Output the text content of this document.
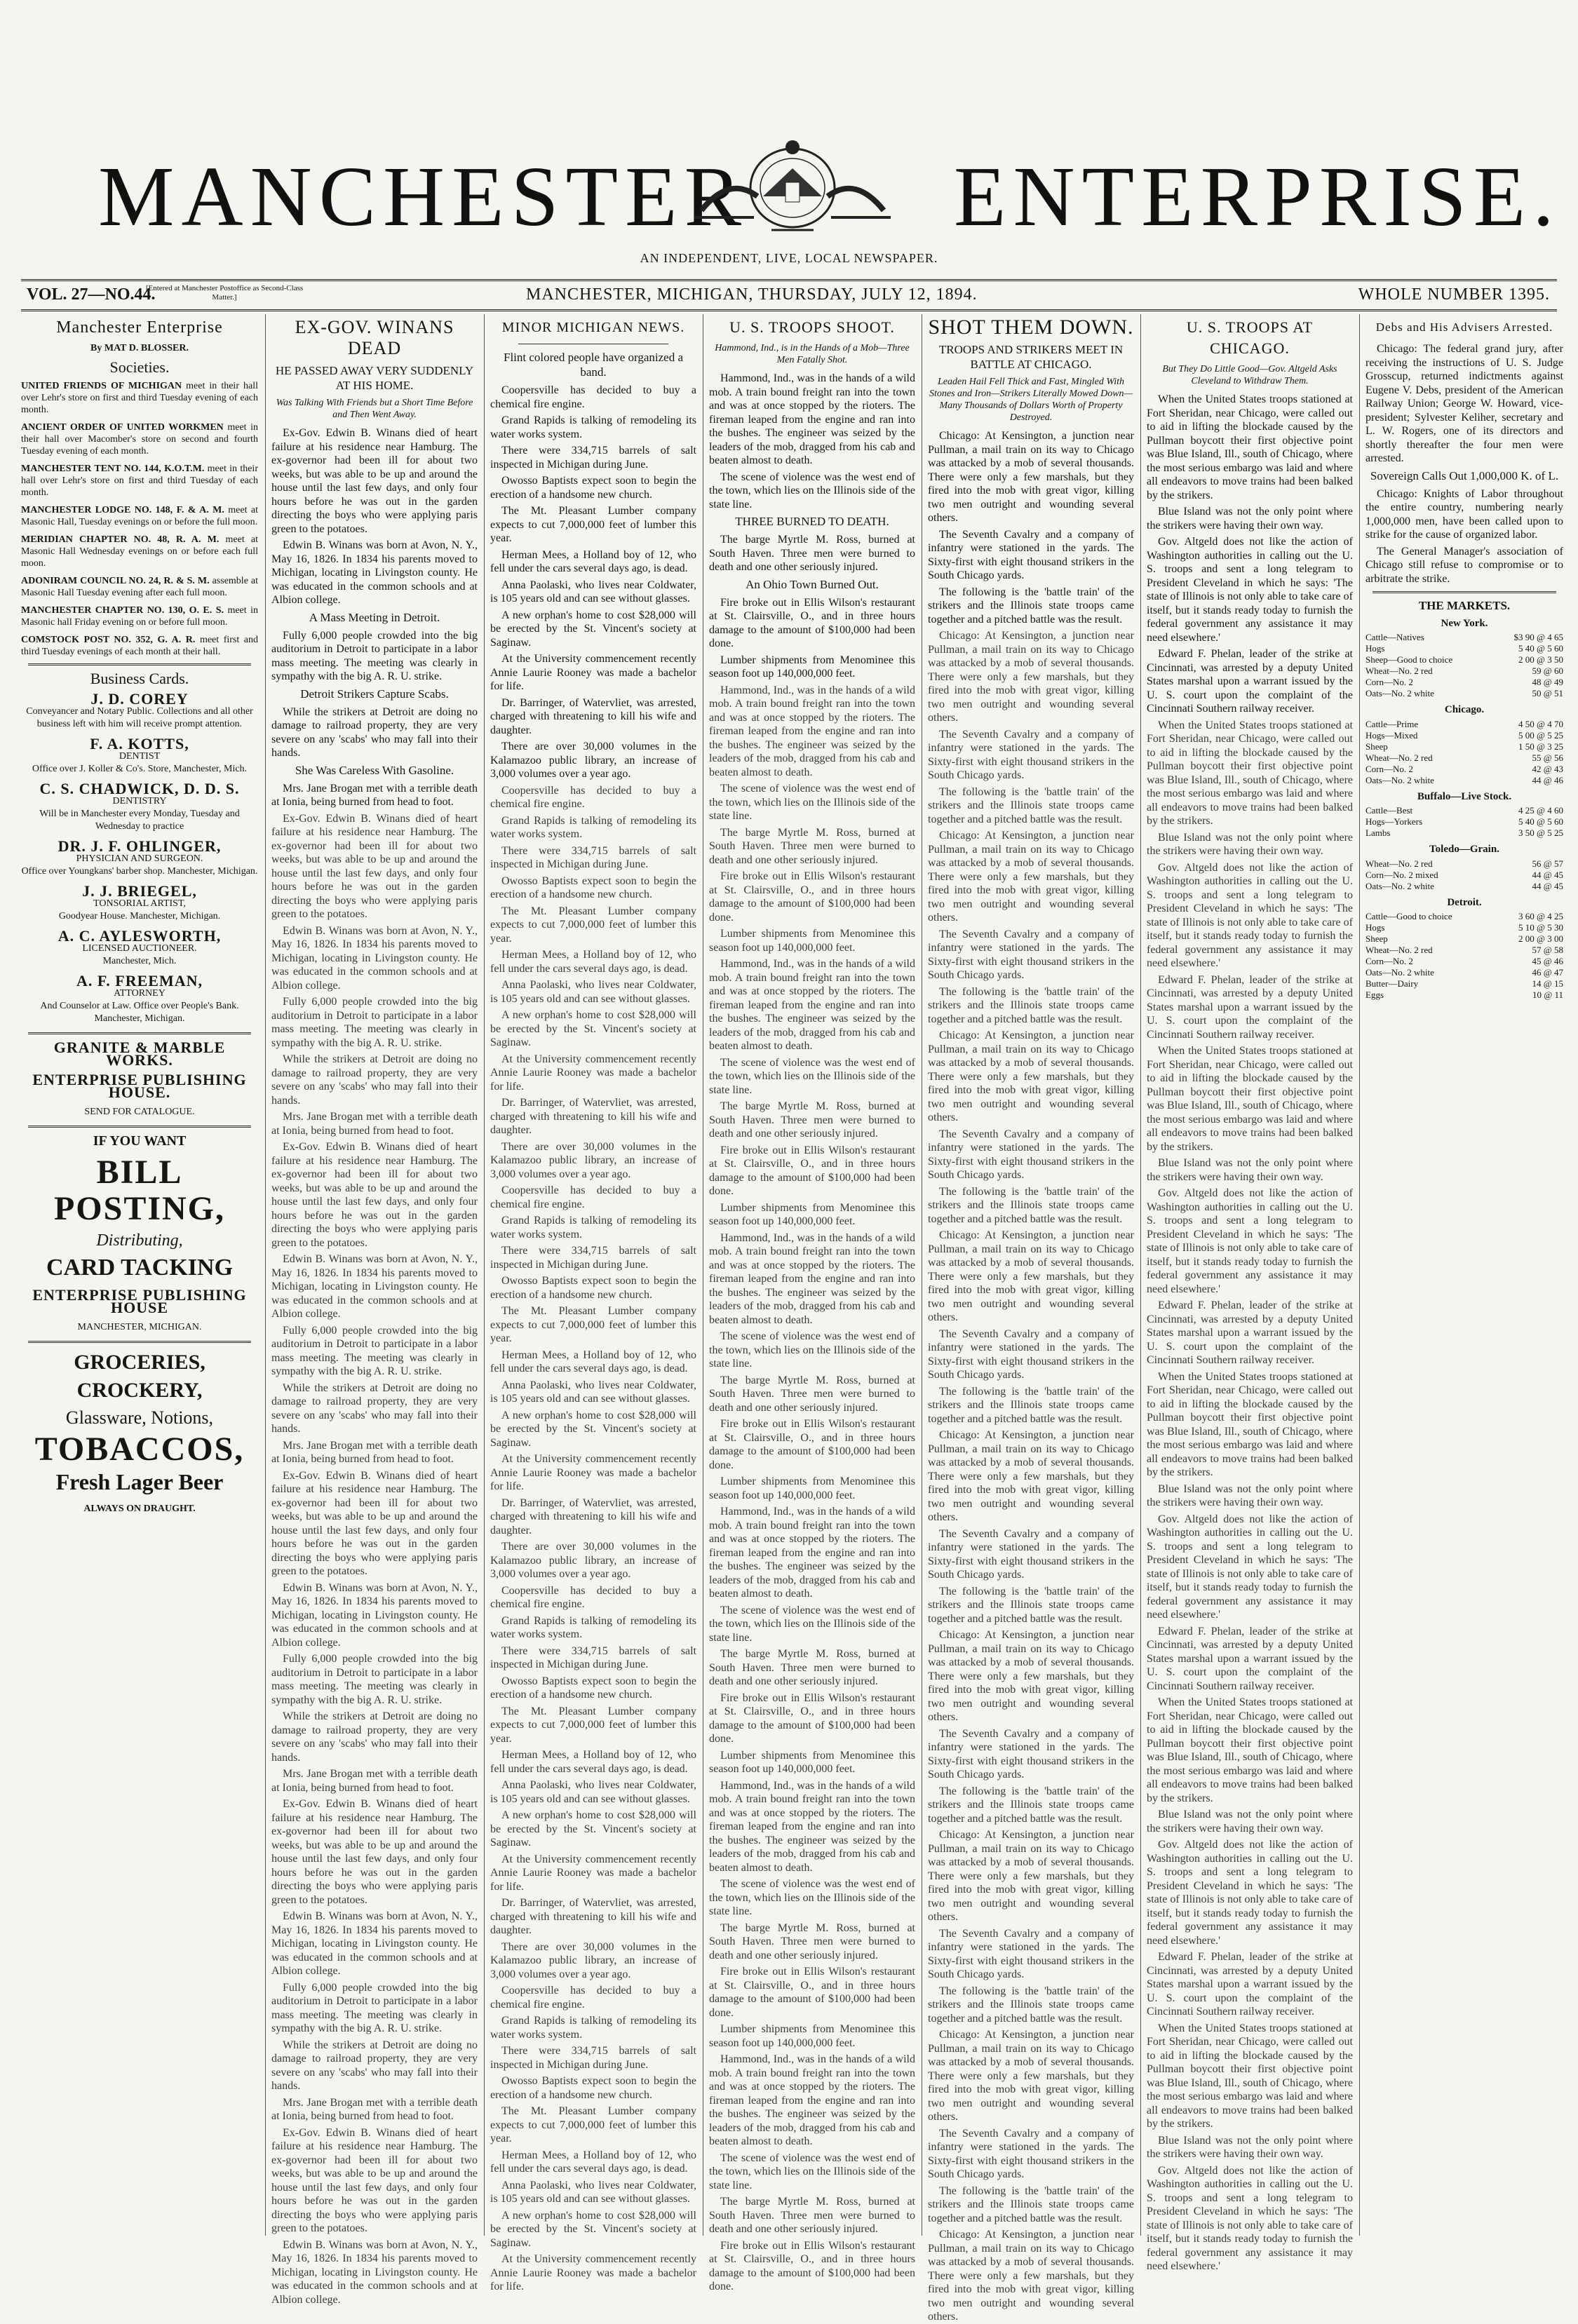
MANCHESTER ENTERPRISE.
AN INDEPENDENT, LIVE, LOCAL NEWSPAPER.
VOL. 27—NO.44.
[Entered at Manchester Postoffice as Second-Class Matter.]	MANCHESTER, MICHIGAN, THURSDAY, JULY 12, 1894.	WHOLE NUMBER 1395.
Manchester Enterprise
By MAT D. BLOSSER.
Societies.

UNITED FRIENDS OF MICHIGAN meet in their hall over Lehr's store on first and third Tuesday evening of each month.

ANCIENT ORDER OF UNITED WORKMEN meet in their hall over Macomber's store on second and fourth Tuesday evening of each month.

MANCHESTER TENT NO. 144, K.O.T.M. meet in their hall over Lehr's store on first and third Tuesday of each month.

MANCHESTER LODGE NO. 148, F. & A. M. meet at Masonic Hall, Tuesday evenings on or before the full moon.

MERIDIAN CHAPTER NO. 48, R. A. M. meet at Masonic Hall Wednesday evenings on or before each full moon.

ADONIRAM COUNCIL NO. 24, R. & S. M. assemble at Masonic Hall Tuesday evening after each full moon.

MANCHESTER CHAPTER NO. 130, O. E. S. meet in Masonic hall Friday evening on or before full moon.

COMSTOCK POST NO. 352, G. A. R. meet first and third Tuesday evenings of each month at their hall.

Business Cards.
J. D. COREY
Conveyancer and Notary Public. Collections and all other business left with him will receive prompt attention.
F. A. KOTTS,
DENTIST
Office over J. Koller & Co's. Store, Manchester, Mich.
C. S. CHADWICK, D. D. S.
DENTISTRY
Will be in Manchester every Monday, Tuesday and Wednesday to practice
DR. J. F. OHLINGER,
PHYSICIAN AND SURGEON.
Office over Youngkans' barber shop. Manchester, Michigan.
J. J. BRIEGEL,
TONSORIAL ARTIST,
Goodyear House. Manchester, Michigan.
A. C. AYLESWORTH,
LICENSED AUCTIONEER.
Manchester, Mich.
A. F. FREEMAN,
ATTORNEY
And Counselor at Law. Office over People's Bank. Manchester, Michigan.
GRANITE & MARBLE WORKS.
ENTERPRISE PUBLISHING HOUSE.
SEND FOR CATALOGUE.
IF YOU WANT
BILL POSTING,
Distributing,
CARD TACKING
ENTERPRISE PUBLISHING HOUSE
MANCHESTER, MICHIGAN.
GROCERIES, CROCKERY,
Glassware, Notions,
TOBACCOS,
Fresh Lager Beer
ALWAYS ON DRAUGHT.
EX-GOV. WINANS DEAD
HE PASSED AWAY VERY SUDDENLY AT HIS HOME.
Was Talking With Friends but a Short Time Before and Then Went Away.

Ex-Gov. Edwin B. Winans died of heart failure at his residence near Hamburg. The ex-governor had been ill for about two weeks, but was able to be up and around the house until the last few days, and only four hours before he was out in the garden directing the boys who were applying paris green to the potatoes.

Edwin B. Winans was born at Avon, N. Y., May 16, 1826. In 1834 his parents moved to Michigan, locating in Livingston county. He was educated in the common schools and at Albion college.

A Mass Meeting in Detroit.

Fully 6,000 people crowded into the big auditorium in Detroit to participate in a labor mass meeting. The meeting was clearly in sympathy with the big A. R. U. strike.

Detroit Strikers Capture Scabs.

While the strikers at Detroit are doing no damage to railroad property, they are very severe on any 'scabs' who may fall into their hands.

She Was Careless With Gasoline.

Mrs. Jane Brogan met with a terrible death at Ionia, being burned from head to foot.

Ex-Gov. Edwin B. Winans died of heart failure at his residence near Hamburg. The ex-governor had been ill for about two weeks, but was able to be up and around the house until the last few days, and only four hours before he was out in the garden directing the boys who were applying paris green to the potatoes.

Edwin B. Winans was born at Avon, N. Y., May 16, 1826. In 1834 his parents moved to Michigan, locating in Livingston county. He was educated in the common schools and at Albion college.

Fully 6,000 people crowded into the big auditorium in Detroit to participate in a labor mass meeting. The meeting was clearly in sympathy with the big A. R. U. strike.

While the strikers at Detroit are doing no damage to railroad property, they are very severe on any 'scabs' who may fall into their hands.

Mrs. Jane Brogan met with a terrible death at Ionia, being burned from head to foot.

Ex-Gov. Edwin B. Winans died of heart failure at his residence near Hamburg. The ex-governor had been ill for about two weeks, but was able to be up and around the house until the last few days, and only four hours before he was out in the garden directing the boys who were applying paris green to the potatoes.

Edwin B. Winans was born at Avon, N. Y., May 16, 1826. In 1834 his parents moved to Michigan, locating in Livingston county. He was educated in the common schools and at Albion college.

Fully 6,000 people crowded into the big auditorium in Detroit to participate in a labor mass meeting. The meeting was clearly in sympathy with the big A. R. U. strike.

While the strikers at Detroit are doing no damage to railroad property, they are very severe on any 'scabs' who may fall into their hands.

Mrs. Jane Brogan met with a terrible death at Ionia, being burned from head to foot.

Ex-Gov. Edwin B. Winans died of heart failure at his residence near Hamburg. The ex-governor had been ill for about two weeks, but was able to be up and around the house until the last few days, and only four hours before he was out in the garden directing the boys who were applying paris green to the potatoes.

Edwin B. Winans was born at Avon, N. Y., May 16, 1826. In 1834 his parents moved to Michigan, locating in Livingston county. He was educated in the common schools and at Albion college.

Fully 6,000 people crowded into the big auditorium in Detroit to participate in a labor mass meeting. The meeting was clearly in sympathy with the big A. R. U. strike.

While the strikers at Detroit are doing no damage to railroad property, they are very severe on any 'scabs' who may fall into their hands.

Mrs. Jane Brogan met with a terrible death at Ionia, being burned from head to foot.

Ex-Gov. Edwin B. Winans died of heart failure at his residence near Hamburg. The ex-governor had been ill for about two weeks, but was able to be up and around the house until the last few days, and only four hours before he was out in the garden directing the boys who were applying paris green to the potatoes.

Edwin B. Winans was born at Avon, N. Y., May 16, 1826. In 1834 his parents moved to Michigan, locating in Livingston county. He was educated in the common schools and at Albion college.

Fully 6,000 people crowded into the big auditorium in Detroit to participate in a labor mass meeting. The meeting was clearly in sympathy with the big A. R. U. strike.

While the strikers at Detroit are doing no damage to railroad property, they are very severe on any 'scabs' who may fall into their hands.

Mrs. Jane Brogan met with a terrible death at Ionia, being burned from head to foot.

Ex-Gov. Edwin B. Winans died of heart failure at his residence near Hamburg. The ex-governor had been ill for about two weeks, but was able to be up and around the house until the last few days, and only four hours before he was out in the garden directing the boys who were applying paris green to the potatoes.

Edwin B. Winans was born at Avon, N. Y., May 16, 1826. In 1834 his parents moved to Michigan, locating in Livingston county. He was educated in the common schools and at Albion college.

MINOR MICHIGAN NEWS.
Flint colored people have organized a band.

Coopersville has decided to buy a chemical fire engine.

Grand Rapids is talking of remodeling its water works system.

There were 334,715 barrels of salt inspected in Michigan during June.

Owosso Baptists expect soon to begin the erection of a handsome new church.

The Mt. Pleasant Lumber company expects to cut 7,000,000 feet of lumber this year.

Herman Mees, a Holland boy of 12, who fell under the cars several days ago, is dead.

Anna Paolaski, who lives near Coldwater, is 105 years old and can see without glasses.

A new orphan's home to cost $28,000 will be erected by the St. Vincent's society at Saginaw.

At the University commencement recently Annie Laurie Rooney was made a bachelor for life.

Dr. Barringer, of Watervliet, was arrested, charged with threatening to kill his wife and daughter.

There are over 30,000 volumes in the Kalamazoo public library, an increase of 3,000 volumes over a year ago.

Coopersville has decided to buy a chemical fire engine.

Grand Rapids is talking of remodeling its water works system.

There were 334,715 barrels of salt inspected in Michigan during June.

Owosso Baptists expect soon to begin the erection of a handsome new church.

The Mt. Pleasant Lumber company expects to cut 7,000,000 feet of lumber this year.

Herman Mees, a Holland boy of 12, who fell under the cars several days ago, is dead.

Anna Paolaski, who lives near Coldwater, is 105 years old and can see without glasses.

A new orphan's home to cost $28,000 will be erected by the St. Vincent's society at Saginaw.

At the University commencement recently Annie Laurie Rooney was made a bachelor for life.

Dr. Barringer, of Watervliet, was arrested, charged with threatening to kill his wife and daughter.

There are over 30,000 volumes in the Kalamazoo public library, an increase of 3,000 volumes over a year ago.

Coopersville has decided to buy a chemical fire engine.

Grand Rapids is talking of remodeling its water works system.

There were 334,715 barrels of salt inspected in Michigan during June.

Owosso Baptists expect soon to begin the erection of a handsome new church.

The Mt. Pleasant Lumber company expects to cut 7,000,000 feet of lumber this year.

Herman Mees, a Holland boy of 12, who fell under the cars several days ago, is dead.

Anna Paolaski, who lives near Coldwater, is 105 years old and can see without glasses.

A new orphan's home to cost $28,000 will be erected by the St. Vincent's society at Saginaw.

At the University commencement recently Annie Laurie Rooney was made a bachelor for life.

Dr. Barringer, of Watervliet, was arrested, charged with threatening to kill his wife and daughter.

There are over 30,000 volumes in the Kalamazoo public library, an increase of 3,000 volumes over a year ago.

Coopersville has decided to buy a chemical fire engine.

Grand Rapids is talking of remodeling its water works system.

There were 334,715 barrels of salt inspected in Michigan during June.

Owosso Baptists expect soon to begin the erection of a handsome new church.

The Mt. Pleasant Lumber company expects to cut 7,000,000 feet of lumber this year.

Herman Mees, a Holland boy of 12, who fell under the cars several days ago, is dead.

Anna Paolaski, who lives near Coldwater, is 105 years old and can see without glasses.

A new orphan's home to cost $28,000 will be erected by the St. Vincent's society at Saginaw.

At the University commencement recently Annie Laurie Rooney was made a bachelor for life.

Dr. Barringer, of Watervliet, was arrested, charged with threatening to kill his wife and daughter.

There are over 30,000 volumes in the Kalamazoo public library, an increase of 3,000 volumes over a year ago.

Coopersville has decided to buy a chemical fire engine.

Grand Rapids is talking of remodeling its water works system.

There were 334,715 barrels of salt inspected in Michigan during June.

Owosso Baptists expect soon to begin the erection of a handsome new church.

The Mt. Pleasant Lumber company expects to cut 7,000,000 feet of lumber this year.

Herman Mees, a Holland boy of 12, who fell under the cars several days ago, is dead.

Anna Paolaski, who lives near Coldwater, is 105 years old and can see without glasses.

A new orphan's home to cost $28,000 will be erected by the St. Vincent's society at Saginaw.

At the University commencement recently Annie Laurie Rooney was made a bachelor for life.

U. S. TROOPS SHOOT.
Hammond, Ind., is in the Hands of a Mob—Three Men Fatally Shot.

Hammond, Ind., was in the hands of a wild mob. A train bound freight ran into the town and was at once stopped by the rioters. The fireman leaped from the engine and ran into the bushes. The engineer was seized by the leaders of the mob, dragged from his cab and beaten almost to death.

The scene of violence was the west end of the town, which lies on the Illinois side of the state line.

THREE BURNED TO DEATH.

The barge Myrtle M. Ross, burned at South Haven. Three men were burned to death and one other seriously injured.

An Ohio Town Burned Out.

Fire broke out in Ellis Wilson's restaurant at St. Clairsville, O., and in three hours damage to the amount of $100,000 had been done.

Lumber shipments from Menominee this season foot up 140,000,000 feet.

Hammond, Ind., was in the hands of a wild mob. A train bound freight ran into the town and was at once stopped by the rioters. The fireman leaped from the engine and ran into the bushes. The engineer was seized by the leaders of the mob, dragged from his cab and beaten almost to death.

The scene of violence was the west end of the town, which lies on the Illinois side of the state line.

The barge Myrtle M. Ross, burned at South Haven. Three men were burned to death and one other seriously injured.

Fire broke out in Ellis Wilson's restaurant at St. Clairsville, O., and in three hours damage to the amount of $100,000 had been done.

Lumber shipments from Menominee this season foot up 140,000,000 feet.

Hammond, Ind., was in the hands of a wild mob. A train bound freight ran into the town and was at once stopped by the rioters. The fireman leaped from the engine and ran into the bushes. The engineer was seized by the leaders of the mob, dragged from his cab and beaten almost to death.

The scene of violence was the west end of the town, which lies on the Illinois side of the state line.

The barge Myrtle M. Ross, burned at South Haven. Three men were burned to death and one other seriously injured.

Fire broke out in Ellis Wilson's restaurant at St. Clairsville, O., and in three hours damage to the amount of $100,000 had been done.

Lumber shipments from Menominee this season foot up 140,000,000 feet.

Hammond, Ind., was in the hands of a wild mob. A train bound freight ran into the town and was at once stopped by the rioters. The fireman leaped from the engine and ran into the bushes. The engineer was seized by the leaders of the mob, dragged from his cab and beaten almost to death.

The scene of violence was the west end of the town, which lies on the Illinois side of the state line.

The barge Myrtle M. Ross, burned at South Haven. Three men were burned to death and one other seriously injured.

Fire broke out in Ellis Wilson's restaurant at St. Clairsville, O., and in three hours damage to the amount of $100,000 had been done.

Lumber shipments from Menominee this season foot up 140,000,000 feet.

Hammond, Ind., was in the hands of a wild mob. A train bound freight ran into the town and was at once stopped by the rioters. The fireman leaped from the engine and ran into the bushes. The engineer was seized by the leaders of the mob, dragged from his cab and beaten almost to death.

The scene of violence was the west end of the town, which lies on the Illinois side of the state line.

The barge Myrtle M. Ross, burned at South Haven. Three men were burned to death and one other seriously injured.

Fire broke out in Ellis Wilson's restaurant at St. Clairsville, O., and in three hours damage to the amount of $100,000 had been done.

Lumber shipments from Menominee this season foot up 140,000,000 feet.

Hammond, Ind., was in the hands of a wild mob. A train bound freight ran into the town and was at once stopped by the rioters. The fireman leaped from the engine and ran into the bushes. The engineer was seized by the leaders of the mob, dragged from his cab and beaten almost to death.

The scene of violence was the west end of the town, which lies on the Illinois side of the state line.

The barge Myrtle M. Ross, burned at South Haven. Three men were burned to death and one other seriously injured.

Fire broke out in Ellis Wilson's restaurant at St. Clairsville, O., and in three hours damage to the amount of $100,000 had been done.

Lumber shipments from Menominee this season foot up 140,000,000 feet.

Hammond, Ind., was in the hands of a wild mob. A train bound freight ran into the town and was at once stopped by the rioters. The fireman leaped from the engine and ran into the bushes. The engineer was seized by the leaders of the mob, dragged from his cab and beaten almost to death.

The scene of violence was the west end of the town, which lies on the Illinois side of the state line.

The barge Myrtle M. Ross, burned at South Haven. Three men were burned to death and one other seriously injured.

Fire broke out in Ellis Wilson's restaurant at St. Clairsville, O., and in three hours damage to the amount of $100,000 had been done.

SHOT THEM DOWN.
TROOPS AND STRIKERS MEET IN BATTLE AT CHICAGO.
Leaden Hail Fell Thick and Fast, Mingled With Stones and Iron—Strikers Literally Mowed Down—Many Thousands of Dollars Worth of Property Destroyed.

Chicago: At Kensington, a junction near Pullman, a mail train on its way to Chicago was attacked by a mob of several thousands. There were only a few marshals, but they fired into the mob with great vigor, killing two men outright and wounding several others.

The Seventh Cavalry and a company of infantry were stationed in the yards. The Sixty-first with eight thousand strikers in the South Chicago yards.

The following is the 'battle train' of the strikers and the Illinois state troops came together and a pitched battle was the result.

Chicago: At Kensington, a junction near Pullman, a mail train on its way to Chicago was attacked by a mob of several thousands. There were only a few marshals, but they fired into the mob with great vigor, killing two men outright and wounding several others.

The Seventh Cavalry and a company of infantry were stationed in the yards. The Sixty-first with eight thousand strikers in the South Chicago yards.

The following is the 'battle train' of the strikers and the Illinois state troops came together and a pitched battle was the result.

Chicago: At Kensington, a junction near Pullman, a mail train on its way to Chicago was attacked by a mob of several thousands. There were only a few marshals, but they fired into the mob with great vigor, killing two men outright and wounding several others.

The Seventh Cavalry and a company of infantry were stationed in the yards. The Sixty-first with eight thousand strikers in the South Chicago yards.

The following is the 'battle train' of the strikers and the Illinois state troops came together and a pitched battle was the result.

Chicago: At Kensington, a junction near Pullman, a mail train on its way to Chicago was attacked by a mob of several thousands. There were only a few marshals, but they fired into the mob with great vigor, killing two men outright and wounding several others.

The Seventh Cavalry and a company of infantry were stationed in the yards. The Sixty-first with eight thousand strikers in the South Chicago yards.

The following is the 'battle train' of the strikers and the Illinois state troops came together and a pitched battle was the result.

Chicago: At Kensington, a junction near Pullman, a mail train on its way to Chicago was attacked by a mob of several thousands. There were only a few marshals, but they fired into the mob with great vigor, killing two men outright and wounding several others.

The Seventh Cavalry and a company of infantry were stationed in the yards. The Sixty-first with eight thousand strikers in the South Chicago yards.

The following is the 'battle train' of the strikers and the Illinois state troops came together and a pitched battle was the result.

Chicago: At Kensington, a junction near Pullman, a mail train on its way to Chicago was attacked by a mob of several thousands. There were only a few marshals, but they fired into the mob with great vigor, killing two men outright and wounding several others.

The Seventh Cavalry and a company of infantry were stationed in the yards. The Sixty-first with eight thousand strikers in the South Chicago yards.

The following is the 'battle train' of the strikers and the Illinois state troops came together and a pitched battle was the result.

Chicago: At Kensington, a junction near Pullman, a mail train on its way to Chicago was attacked by a mob of several thousands. There were only a few marshals, but they fired into the mob with great vigor, killing two men outright and wounding several others.

The Seventh Cavalry and a company of infantry were stationed in the yards. The Sixty-first with eight thousand strikers in the South Chicago yards.

The following is the 'battle train' of the strikers and the Illinois state troops came together and a pitched battle was the result.

Chicago: At Kensington, a junction near Pullman, a mail train on its way to Chicago was attacked by a mob of several thousands. There were only a few marshals, but they fired into the mob with great vigor, killing two men outright and wounding several others.

The Seventh Cavalry and a company of infantry were stationed in the yards. The Sixty-first with eight thousand strikers in the South Chicago yards.

The following is the 'battle train' of the strikers and the Illinois state troops came together and a pitched battle was the result.

Chicago: At Kensington, a junction near Pullman, a mail train on its way to Chicago was attacked by a mob of several thousands. There were only a few marshals, but they fired into the mob with great vigor, killing two men outright and wounding several others.

The Seventh Cavalry and a company of infantry were stationed in the yards. The Sixty-first with eight thousand strikers in the South Chicago yards.

The following is the 'battle train' of the strikers and the Illinois state troops came together and a pitched battle was the result.

Chicago: At Kensington, a junction near Pullman, a mail train on its way to Chicago was attacked by a mob of several thousands. There were only a few marshals, but they fired into the mob with great vigor, killing two men outright and wounding several others.

U. S. TROOPS AT CHICAGO.
But They Do Little Good—Gov. Altgeld Asks Cleveland to Withdraw Them.

When the United States troops stationed at Fort Sheridan, near Chicago, were called out to aid in lifting the blockade caused by the Pullman boycott their first objective point was Blue Island, Ill., south of Chicago, where the most serious embargo was laid and where all endeavors to move trains had been balked by the strikers.

Blue Island was not the only point where the strikers were having their own way.

Gov. Altgeld does not like the action of Washington authorities in calling out the U. S. troops and sent a long telegram to President Cleveland in which he says: 'The state of Illinois is not only able to take care of itself, but it stands ready today to furnish the federal government any assistance it may need elsewhere.'

Edward F. Phelan, leader of the strike at Cincinnati, was arrested by a deputy United States marshal upon a warrant issued by the U. S. court upon the complaint of the Cincinnati Southern railway receiver.

When the United States troops stationed at Fort Sheridan, near Chicago, were called out to aid in lifting the blockade caused by the Pullman boycott their first objective point was Blue Island, Ill., south of Chicago, where the most serious embargo was laid and where all endeavors to move trains had been balked by the strikers.

Blue Island was not the only point where the strikers were having their own way.

Gov. Altgeld does not like the action of Washington authorities in calling out the U. S. troops and sent a long telegram to President Cleveland in which he says: 'The state of Illinois is not only able to take care of itself, but it stands ready today to furnish the federal government any assistance it may need elsewhere.'

Edward F. Phelan, leader of the strike at Cincinnati, was arrested by a deputy United States marshal upon a warrant issued by the U. S. court upon the complaint of the Cincinnati Southern railway receiver.

When the United States troops stationed at Fort Sheridan, near Chicago, were called out to aid in lifting the blockade caused by the Pullman boycott their first objective point was Blue Island, Ill., south of Chicago, where the most serious embargo was laid and where all endeavors to move trains had been balked by the strikers.

Blue Island was not the only point where the strikers were having their own way.

Gov. Altgeld does not like the action of Washington authorities in calling out the U. S. troops and sent a long telegram to President Cleveland in which he says: 'The state of Illinois is not only able to take care of itself, but it stands ready today to furnish the federal government any assistance it may need elsewhere.'

Edward F. Phelan, leader of the strike at Cincinnati, was arrested by a deputy United States marshal upon a warrant issued by the U. S. court upon the complaint of the Cincinnati Southern railway receiver.

When the United States troops stationed at Fort Sheridan, near Chicago, were called out to aid in lifting the blockade caused by the Pullman boycott their first objective point was Blue Island, Ill., south of Chicago, where the most serious embargo was laid and where all endeavors to move trains had been balked by the strikers.

Blue Island was not the only point where the strikers were having their own way.

Gov. Altgeld does not like the action of Washington authorities in calling out the U. S. troops and sent a long telegram to President Cleveland in which he says: 'The state of Illinois is not only able to take care of itself, but it stands ready today to furnish the federal government any assistance it may need elsewhere.'

Edward F. Phelan, leader of the strike at Cincinnati, was arrested by a deputy United States marshal upon a warrant issued by the U. S. court upon the complaint of the Cincinnati Southern railway receiver.

When the United States troops stationed at Fort Sheridan, near Chicago, were called out to aid in lifting the blockade caused by the Pullman boycott their first objective point was Blue Island, Ill., south of Chicago, where the most serious embargo was laid and where all endeavors to move trains had been balked by the strikers.

Blue Island was not the only point where the strikers were having their own way.

Gov. Altgeld does not like the action of Washington authorities in calling out the U. S. troops and sent a long telegram to President Cleveland in which he says: 'The state of Illinois is not only able to take care of itself, but it stands ready today to furnish the federal government any assistance it may need elsewhere.'

Edward F. Phelan, leader of the strike at Cincinnati, was arrested by a deputy United States marshal upon a warrant issued by the U. S. court upon the complaint of the Cincinnati Southern railway receiver.

When the United States troops stationed at Fort Sheridan, near Chicago, were called out to aid in lifting the blockade caused by the Pullman boycott their first objective point was Blue Island, Ill., south of Chicago, where the most serious embargo was laid and where all endeavors to move trains had been balked by the strikers.

Blue Island was not the only point where the strikers were having their own way.

Gov. Altgeld does not like the action of Washington authorities in calling out the U. S. troops and sent a long telegram to President Cleveland in which he says: 'The state of Illinois is not only able to take care of itself, but it stands ready today to furnish the federal government any assistance it may need elsewhere.'

Debs and His Advisers Arrested.

Chicago: The federal grand jury, after receiving the instructions of U. S. Judge Grosscup, returned indictments against Eugene V. Debs, president of the American Railway Union; George W. Howard, vice-president; Sylvester Keliher, secretary and L. W. Rogers, one of its directors and shortly thereafter the four men were arrested.

Sovereign Calls Out 1,000,000 K. of L.

Chicago: Knights of Labor throughout the entire country, numbering nearly 1,000,000 men, have been called upon to strike for the cause of organized labor.

The General Manager's association of Chicago still refuse to compromise or to arbitrate the strike.

THE MARKETS.
New York.
Cattle—Natives	$3 90 @ 4 65
Hogs	5 40 @ 5 60
Sheep—Good to choice	2 00 @ 3 50
Wheat—No. 2 red	59 @ 60
Corn—No. 2	48 @ 49
Oats—No. 2 white	50 @ 51
Chicago.
Cattle—Prime	4 50 @ 4 70
Hogs—Mixed	5 00 @ 5 25
Sheep	1 50 @ 3 25
Wheat—No. 2 red	55 @ 56
Corn—No. 2	42 @ 43
Oats—No. 2 white	44 @ 46
Buffalo—Live Stock.
Cattle—Best	4 25 @ 4 60
Hogs—Yorkers	5 40 @ 5 60
Lambs	3 50 @ 5 25
Toledo—Grain.
Wheat—No. 2 red	56 @ 57
Corn—No. 2 mixed	44 @ 45
Oats—No. 2 white	44 @ 45
Detroit.
Cattle—Good to choice	3 60 @ 4 25
Hogs	5 10 @ 5 30
Sheep	2 00 @ 3 00
Wheat—No. 2 red	57 @ 58
Corn—No. 2	45 @ 46
Oats—No. 2 white	46 @ 47
Butter—Dairy	14 @ 15
Eggs	10 @ 11
